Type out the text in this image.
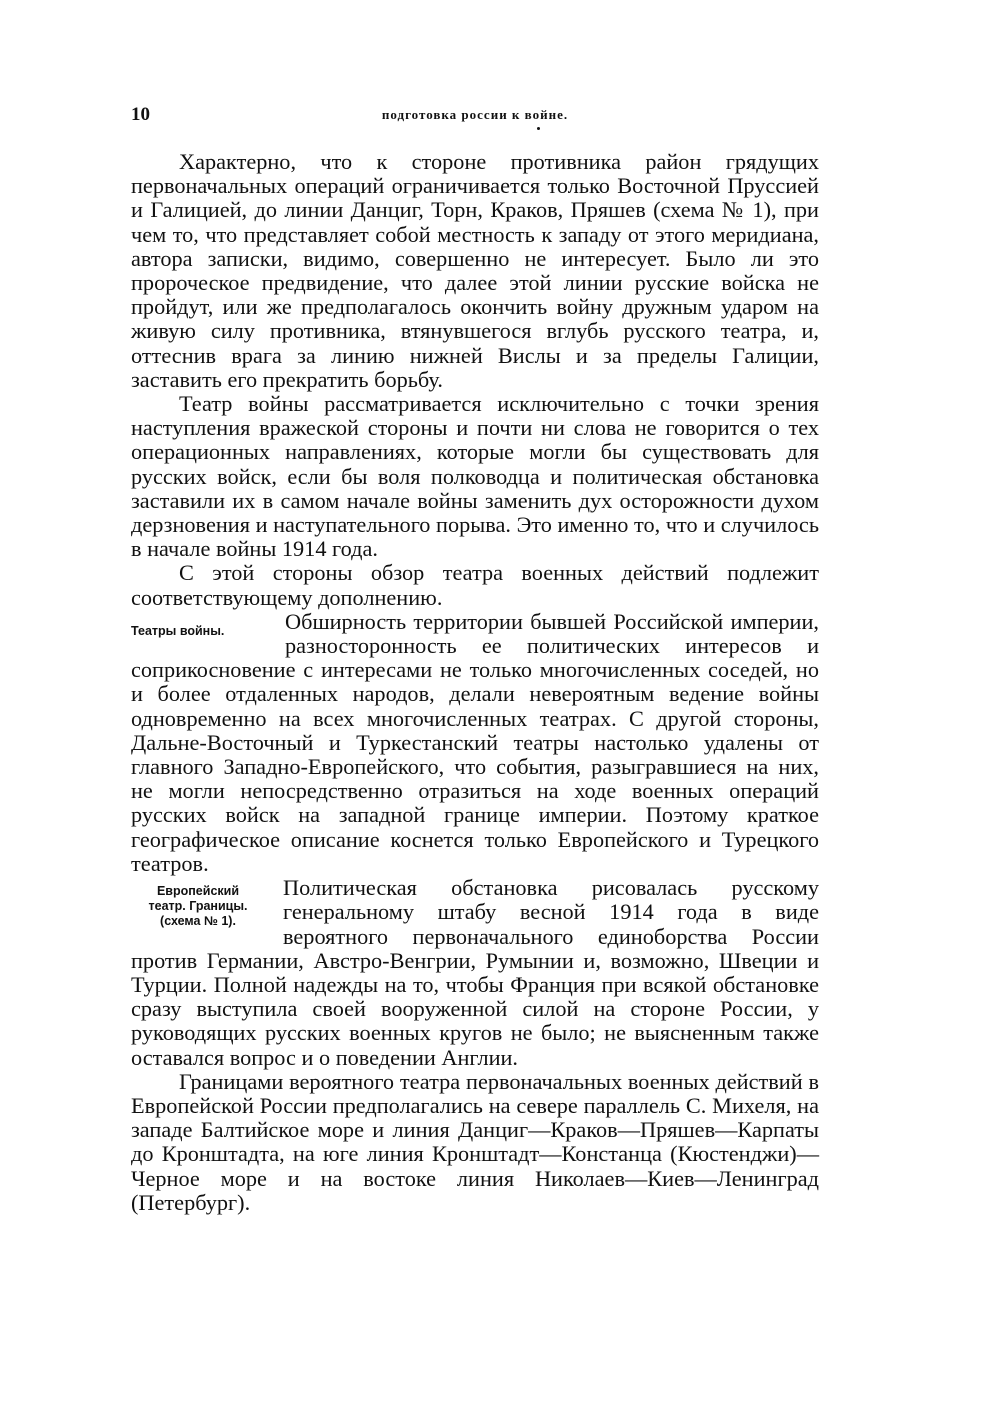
10	подготовка россии к войне.

Характерно, что к стороне противника район грядущих первоначальных операций ограничивается только Восточной Пруссией и Галицией, до линии Данциг, Торн, Краков, Пряшев (схема № 1), при чем то, что представляет собой местность к западу от этого меридиана, автора записки, видимо, совершенно не интересует. Было ли это пророческое предвидение, что далее этой линии русские войска не пройдут, или же предполагалось окончить войну дружным ударом на живую силу противника, втянувшегося вглубь русского театра, и, оттеснив врага за линию нижней Вислы и за пределы Галиции, заставить его прекратить борьбу.

Театр войны рассматривается исключительно с точки зрения наступления вражеской стороны и почти ни слова не говорится о тех операционных направлениях, которые могли бы существовать для русских войск, если бы воля полководца и политическая обстановка заставили их в самом начале войны заменить дух осторожности духом дерзновения и наступательного порыва. Это именно то, что и случилось в начале войны 1914 года.

С этой стороны обзор театра военных действий подлежит соответствующему дополнению.

Театры войны.	Обширность территории бывшей Российской империи, разносторонность ее политических интересов и соприкосновение с интересами не только многочисленных соседей, но и более отдаленных народов, делали невероятным ведение войны одновременно на всех многочисленных театрах. С другой стороны, Дальне-Восточный и Туркестанский театры настолько удалены от главного Западно-Европейского, что события, разыгравшиеся на них, не могли непосредственно отразиться на ходе военных операций русских войск на западной границе империи. Поэтому краткое географическое описание коснется только Европейского и Турецкого театров.

Европейский
театр. Границы.
(схема № 1).

Политическая обстановка рисовалась русскому генеральному штабу весной 1914 года в виде вероятного первоначального единоборства России против Германии, Австро-Венгрии, Румынии и, возможно, Швеции и Турции. Полной надежды на то, чтобы Франция при всякой обстановке сразу выступила своей вооруженной силой на стороне России, у руководящих русских военных кругов не было; не выясненным также оставался вопрос и о поведении Англии.

Границами вероятного театра первоначальных военных действий в Европейской России предполагались на севере параллель С. Михеля, на западе Балтийское море и линия Данциг—Краков—Пряшев—Карпаты до Кронштадта, на юге линия Кронштадт—Констанца (Кюстенджи)—Черное море и на востоке линия Николаев—Киев—Ленинград (Петербург).
